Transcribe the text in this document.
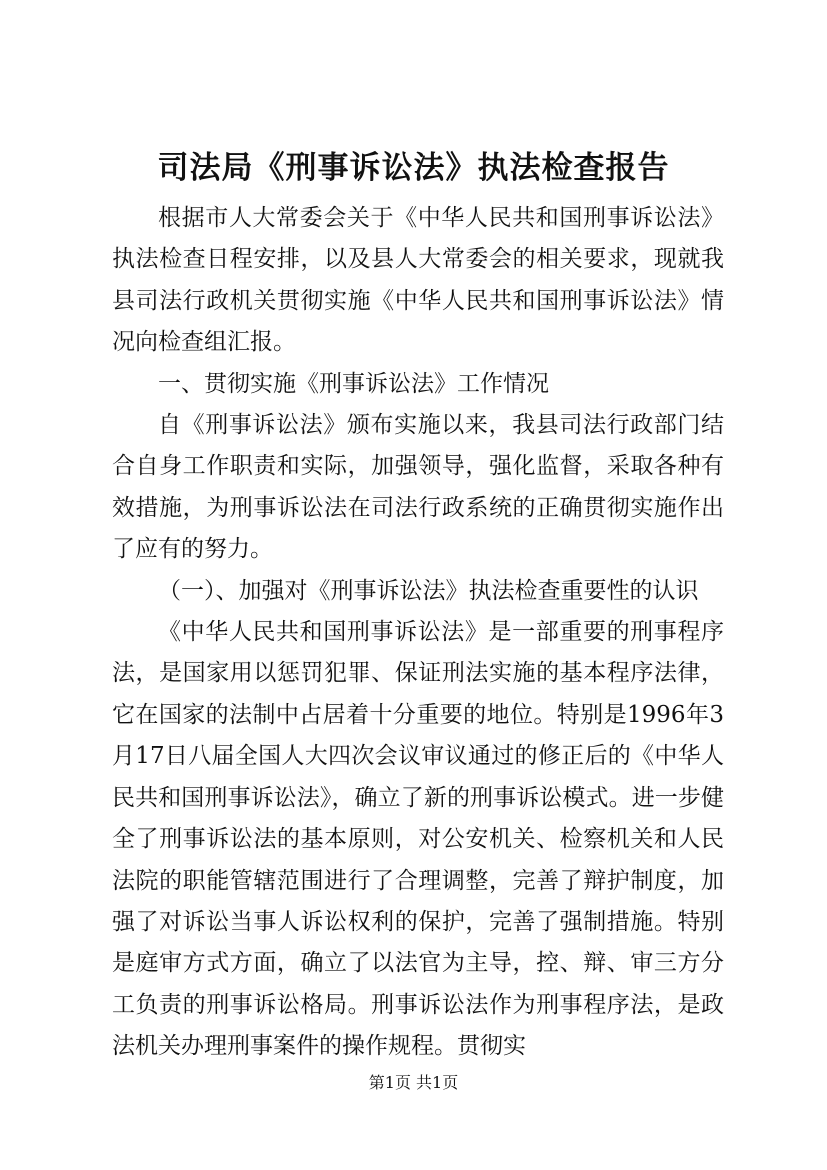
司法局《刑事诉讼法》执法检查报告

根据市人大常委会关于《中华人民共和国刑事诉讼法》执法检查日程安排，以及县人大常委会的相关要求，现就我县司法行政机关贯彻实施《中华人民共和国刑事诉讼法》情况向检查组汇报。

一、贯彻实施《刑事诉讼法》工作情况

自《刑事诉讼法》颁布实施以来，我县司法行政部门结合自身工作职责和实际，加强领导，强化监督，采取各种有效措施，为刑事诉讼法在司法行政系统的正确贯彻实施作出了应有的努力。

（一）、加强对《刑事诉讼法》执法检查重要性的认识

《中华人民共和国刑事诉讼法》是一部重要的刑事程序法，是国家用以惩罚犯罪、保证刑法实施的基本程序法律，它在国家的法制中占居着十分重要的地位。特别是1996年3月17日八届全国人大四次会议审议通过的修正后的《中华人民共和国刑事诉讼法》，确立了新的刑事诉讼模式。进一步健全了刑事诉讼法的基本原则，对公安机关、检察机关和人民法院的职能管辖范围进行了合理调整，完善了辩护制度，加强了对诉讼当事人诉讼权利的保护，完善了强制措施。特别是庭审方式方面，确立了以法官为主导，控、辩、审三方分工负责的刑事诉讼格局。刑事诉讼法作为刑事程序法，是政法机关办理刑事案件的操作规程。贯彻实

第1页 共1页
